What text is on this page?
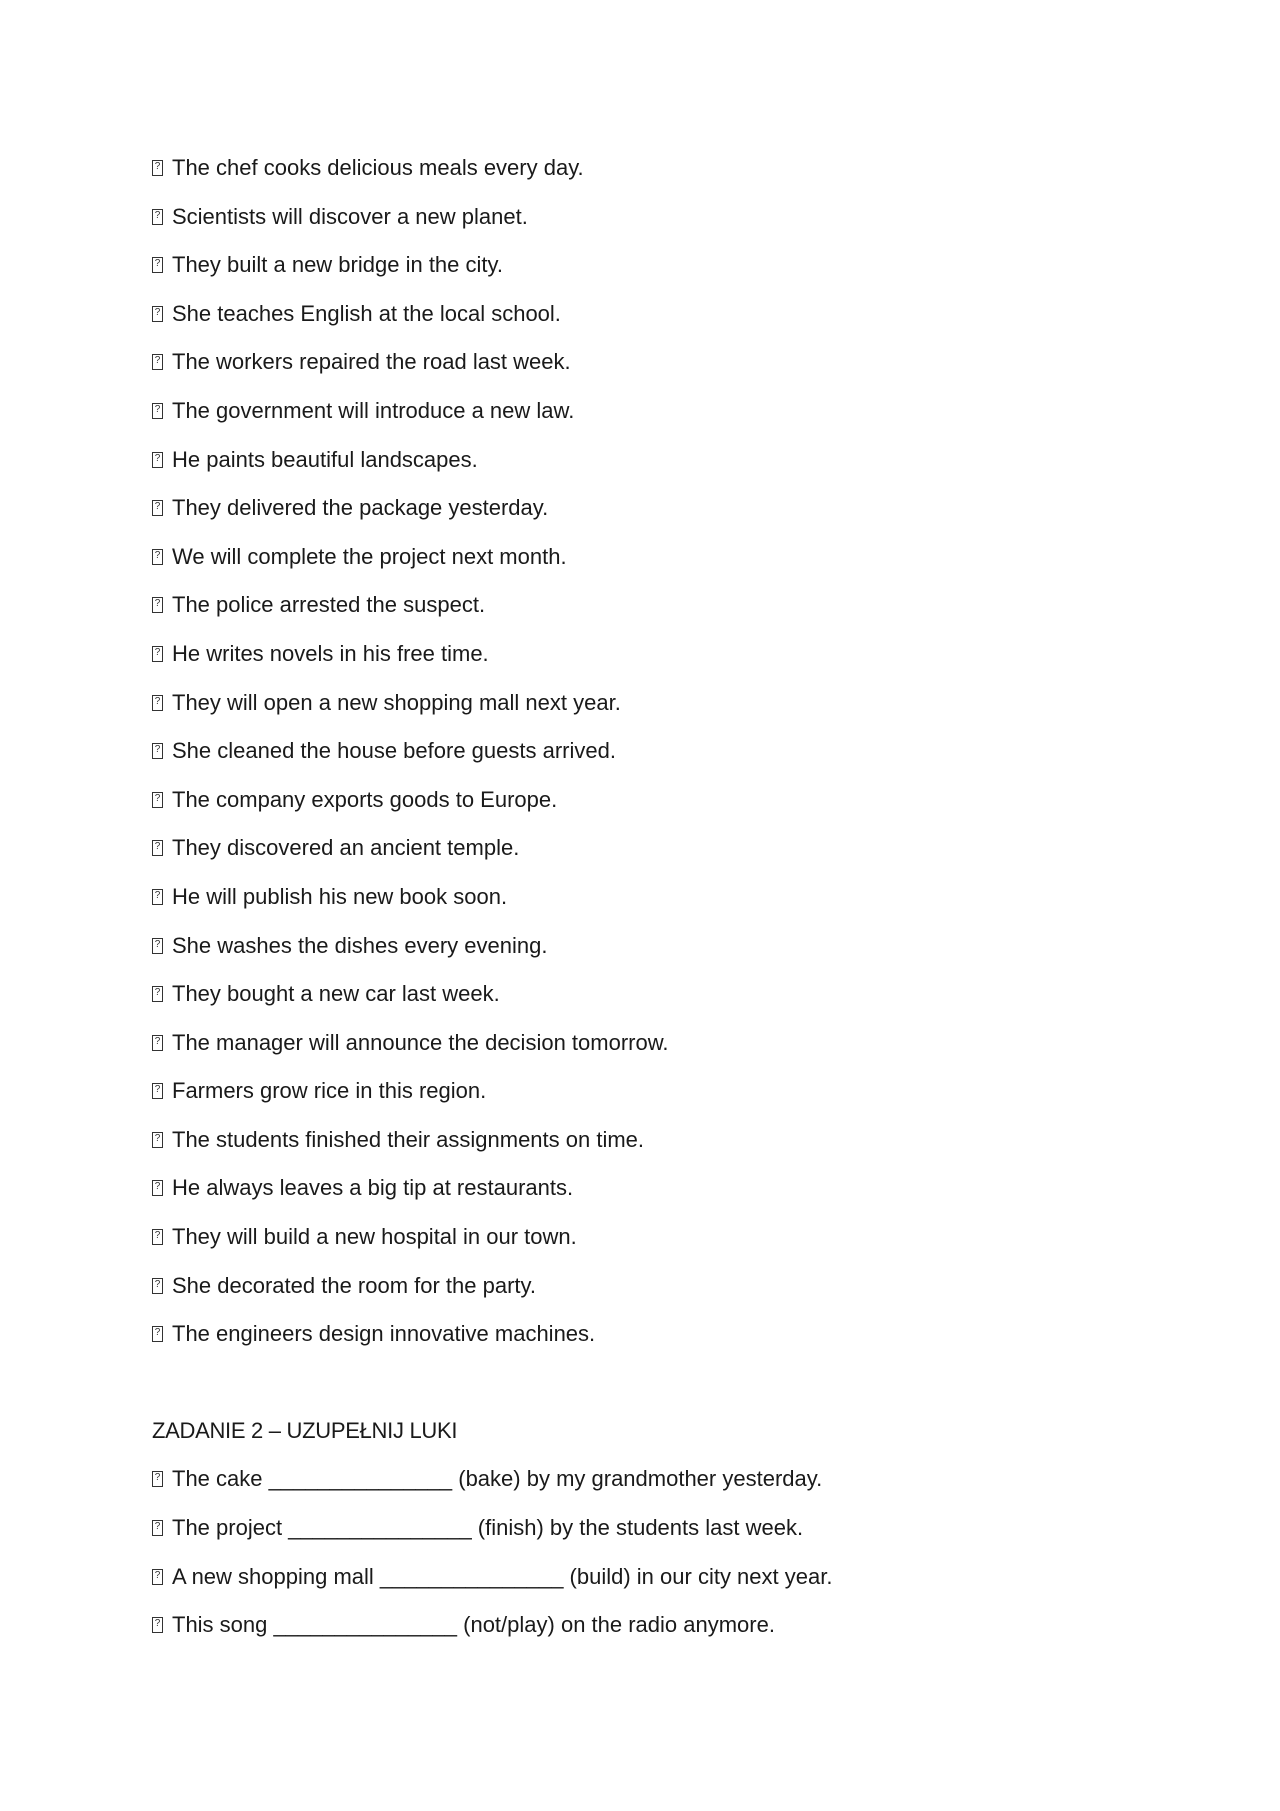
?
The chef cooks delicious meals every day.
?
Scientists will discover a new planet.
?
They built a new bridge in the city.
?
She teaches English at the local school.
?
The workers repaired the road last week.
?
The government will introduce a new law.
?
He paints beautiful landscapes.
?
They delivered the package yesterday.
?
We will complete the project next month.
?
The police arrested the suspect.
?
He writes novels in his free time.
?
They will open a new shopping mall next year.
?
She cleaned the house before guests arrived.
?
The company exports goods to Europe.
?
They discovered an ancient temple.
?
He will publish his new book soon.
?
She washes the dishes every evening.
?
They bought a new car last week.
?
The manager will announce the decision tomorrow.
?
Farmers grow rice in this region.
?
The students finished their assignments on time.
?
He always leaves a big tip at restaurants.
?
They will build a new hospital in our town.
?
She decorated the room for the party.
?
The engineers design innovative machines.
ZADANIE 2 – UZUPEŁNIJ LUKI
?
The cake _______________ (bake) by my grandmother yesterday.
?
The project _______________ (finish) by the students last week.
?
A new shopping mall _______________ (build) in our city next year.
?
This song _______________ (not/play) on the radio anymore.
